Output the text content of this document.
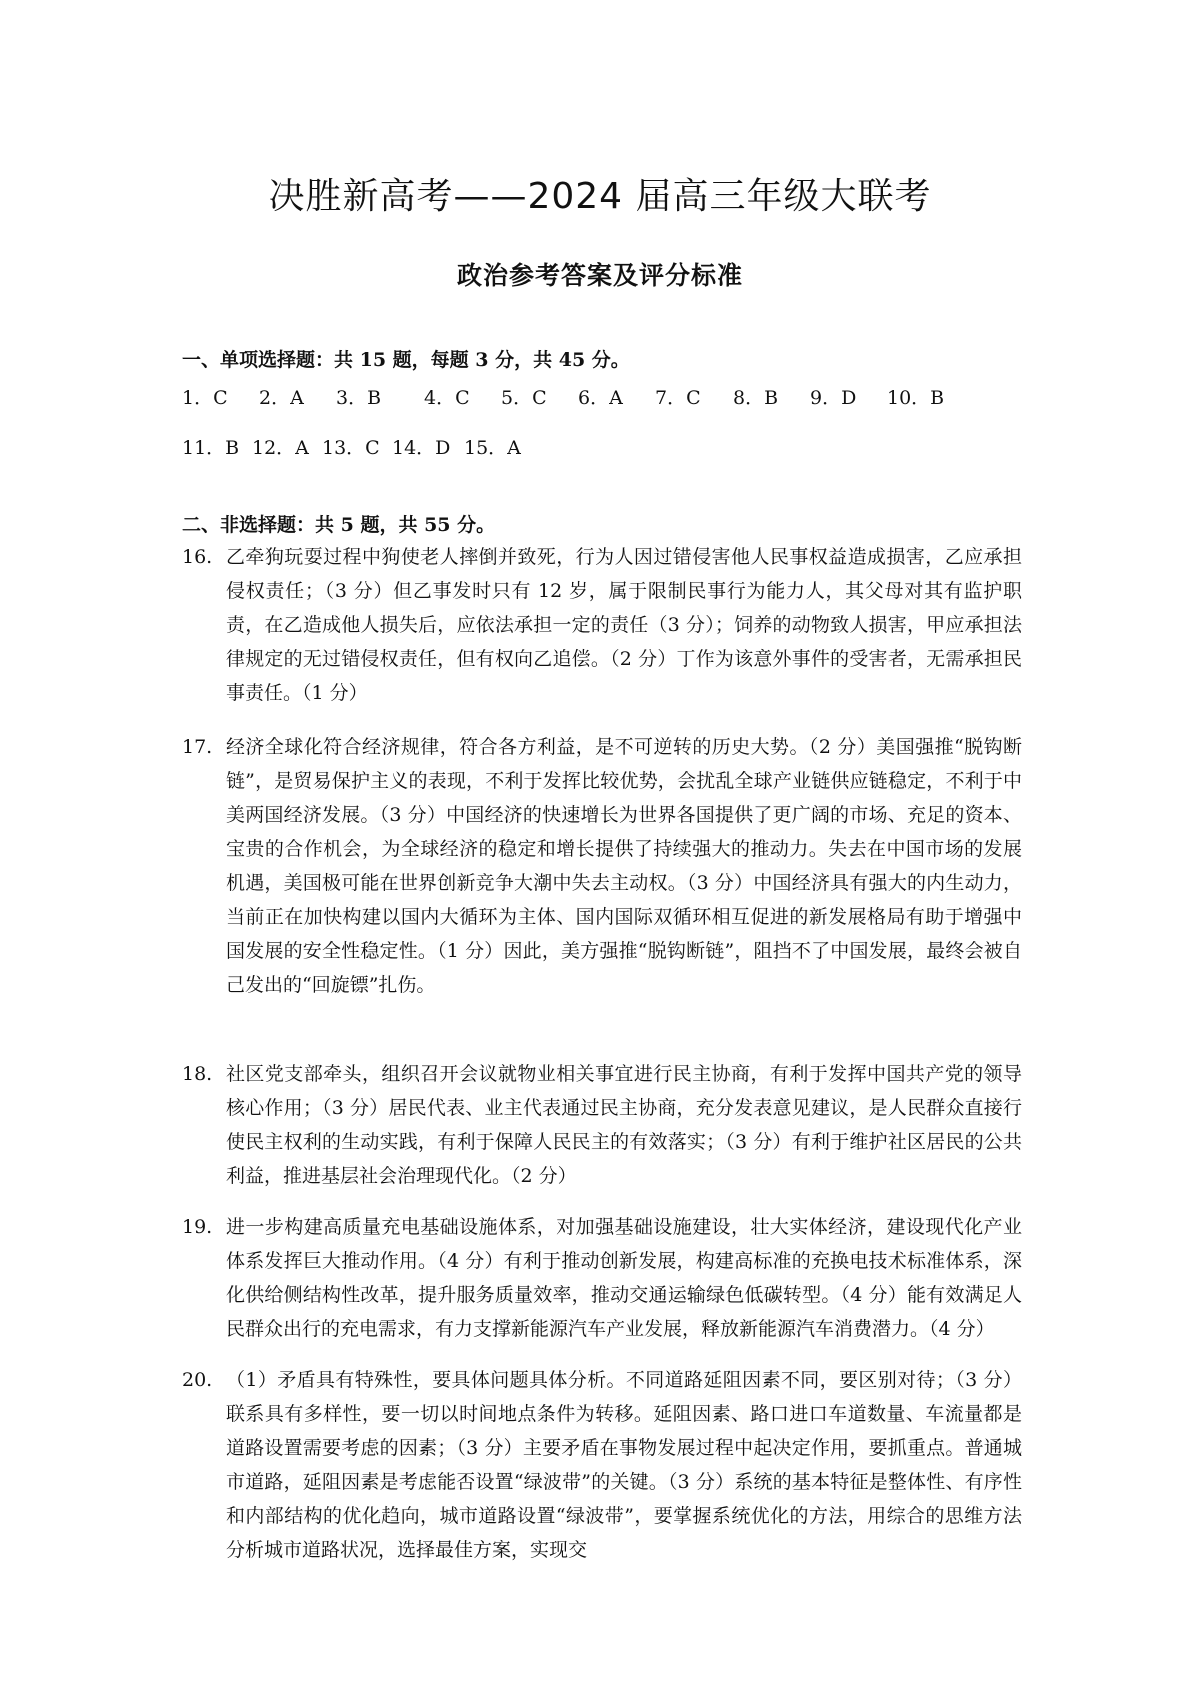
决胜新高考——2024 届高三年级大联考
政治参考答案及评分标准

一、单项选择题：共 15 题，每题 3 分，共 45 分。

1．C	2．A	3．B	4．C	5．C	6．A	7．C	8．B	9．D	10．B
11．B 12．A 13．C 14．D 15．A

二、非选择题：共 5 题，共 55 分。

16. 乙牵狗玩耍过程中狗使老人摔倒并致死，行为人因过错侵害他人民事权益造成损害，乙应承担侵权责任；（3 分）但乙事发时只有 12 岁，属于限制民事行为能力人，其父母对其有监护职责，在乙造成他人损失后，应依法承担一定的责任（3 分）；饲养的动物致人损害，甲应承担法律规定的无过错侵权责任，但有权向乙追偿。（2 分）丁作为该意外事件的受害者，无需承担民事责任。（1 分）

17. 经济全球化符合经济规律，符合各方利益，是不可逆转的历史大势。（2 分）美国强推“脱钩断链”，是贸易保护主义的表现，不利于发挥比较优势，会扰乱全球产业链供应链稳定，不利于中美两国经济发展。（3 分）中国经济的快速增长为世界各国提供了更广阔的市场、充足的资本、宝贵的合作机会，为全球经济的稳定和增长提供了持续强大的推动力。失去在中国市场的发展机遇，美国极可能在世界创新竞争大潮中失去主动权。（3 分）中国经济具有强大的内生动力，当前正在加快构建以国内大循环为主体、国内国际双循环相互促进的新发展格局有助于增强中国发展的安全性稳定性。（1 分）因此，美方强推“脱钩断链”，阻挡不了中国发展，最终会被自己发出的“回旋镖”扎伤。

18. 社区党支部牵头，组织召开会议就物业相关事宜进行民主协商，有利于发挥中国共产党的领导核心作用；（3 分）居民代表、业主代表通过民主协商，充分发表意见建议，是人民群众直接行使民主权利的生动实践，有利于保障人民民主的有效落实；（3 分）有利于维护社区居民的公共利益，推进基层社会治理现代化。（2 分）

19. 进一步构建高质量充电基础设施体系，对加强基础设施建设，壮大实体经济，建设现代化产业体系发挥巨大推动作用。（4 分）有利于推动创新发展，构建高标准的充换电技术标准体系，深化供给侧结构性改革，提升服务质量效率，推动交通运输绿色低碳转型。（4 分）能有效满足人民群众出行的充电需求，有力支撑新能源汽车产业发展，释放新能源汽车消费潜力。（4 分）

20. （1）矛盾具有特殊性，要具体问题具体分析。不同道路延阻因素不同，要区别对待；（3 分）联系具有多样性，要一切以时间地点条件为转移。延阻因素、路口进口车道数量、车流量都是道路设置需要考虑的因素；（3 分）主要矛盾在事物发展过程中起决定作用，要抓重点。普通城市道路，延阻因素是考虑能否设置“绿波带”的关键。（3 分）系统的基本特征是整体性、有序性和内部结构的优化趋向，城市道路设置“绿波带”，要掌握系统优化的方法，用综合的思维方法分析城市道路状况，选择最佳方案，实现交
